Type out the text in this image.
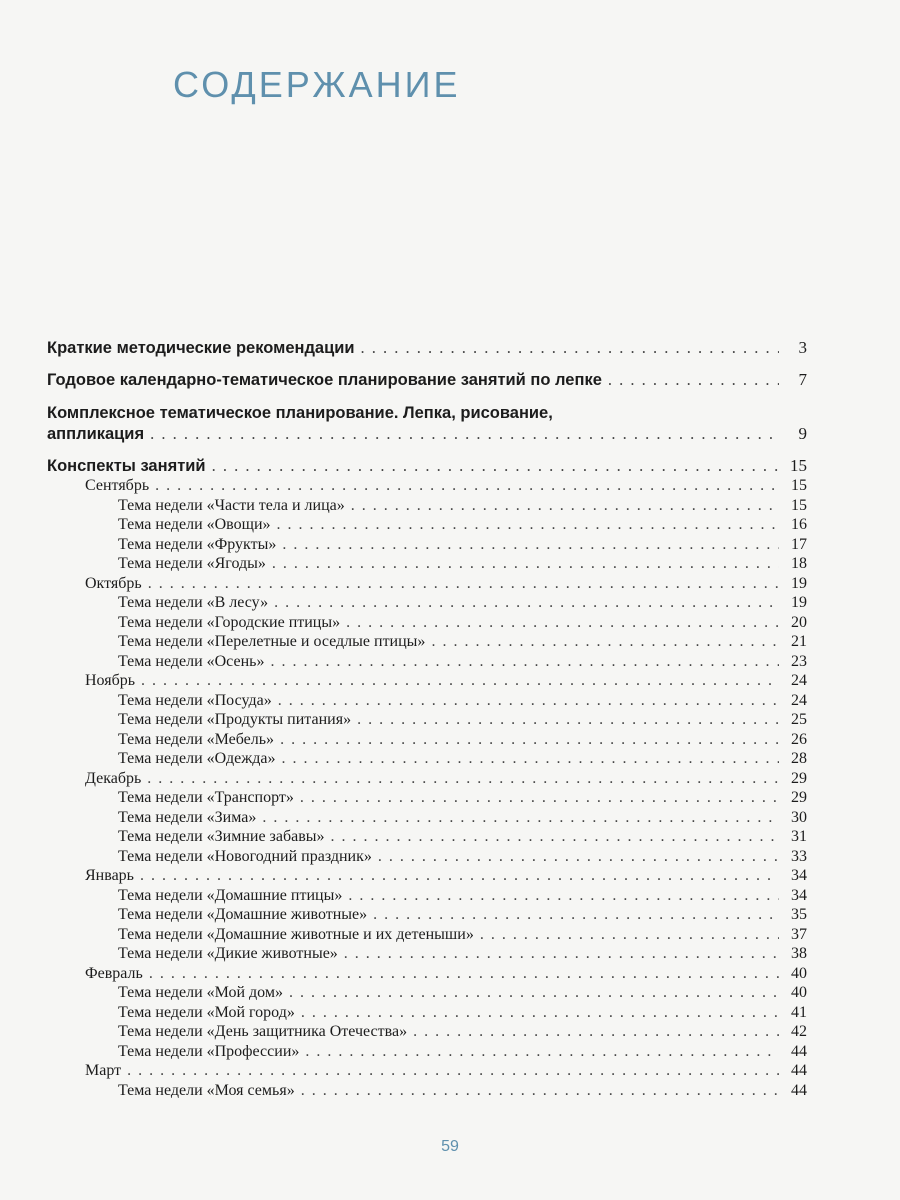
СОДЕРЖАНИЕ
Краткие методические рекомендации . . .	3
Годовое календарно-тематическое планирование занятий по лепке . . .	7
Комплексное тематическое планирование. Лепка, рисование,
аппликация . . .	9
Конспекты занятий . . .	15
Сентябрь . . .	15
Тема недели «Части тела и лица» . . .	15
Тема недели «Овощи» . . .	16
Тема недели «Фрукты» . . .	17
Тема недели «Ягоды» . . .	18
Октябрь . . .	19
Тема недели «В лесу» . . .	19
Тема недели «Городские птицы» . . .	20
Тема недели «Перелетные и оседлые птицы» . . .	21
Тема недели «Осень» . . .	23
Ноябрь . . .	24
Тема недели «Посуда» . . .	24
Тема недели «Продукты питания» . . .	25
Тема недели «Мебель» . . .	26
Тема недели «Одежда» . . .	28
Декабрь . . .	29
Тема недели «Транспорт» . . .	29
Тема недели «Зима» . . .	30
Тема недели «Зимние забавы» . . .	31
Тема недели «Новогодний праздник» . . .	33
Январь . . .	34
Тема недели «Домашние птицы» . . .	34
Тема недели «Домашние животные» . . .	35
Тема недели «Домашние животные и их детеныши» . . .	37
Тема недели «Дикие животные» . . .	38
Февраль . . .	40
Тема недели «Мой дом» . . .	40
Тема недели «Мой город» . . .	41
Тема недели «День защитника Отечества» . . .	42
Тема недели «Профессии» . . .	44
Март . . .	44
Тема недели «Моя семья» . . .	44
59
